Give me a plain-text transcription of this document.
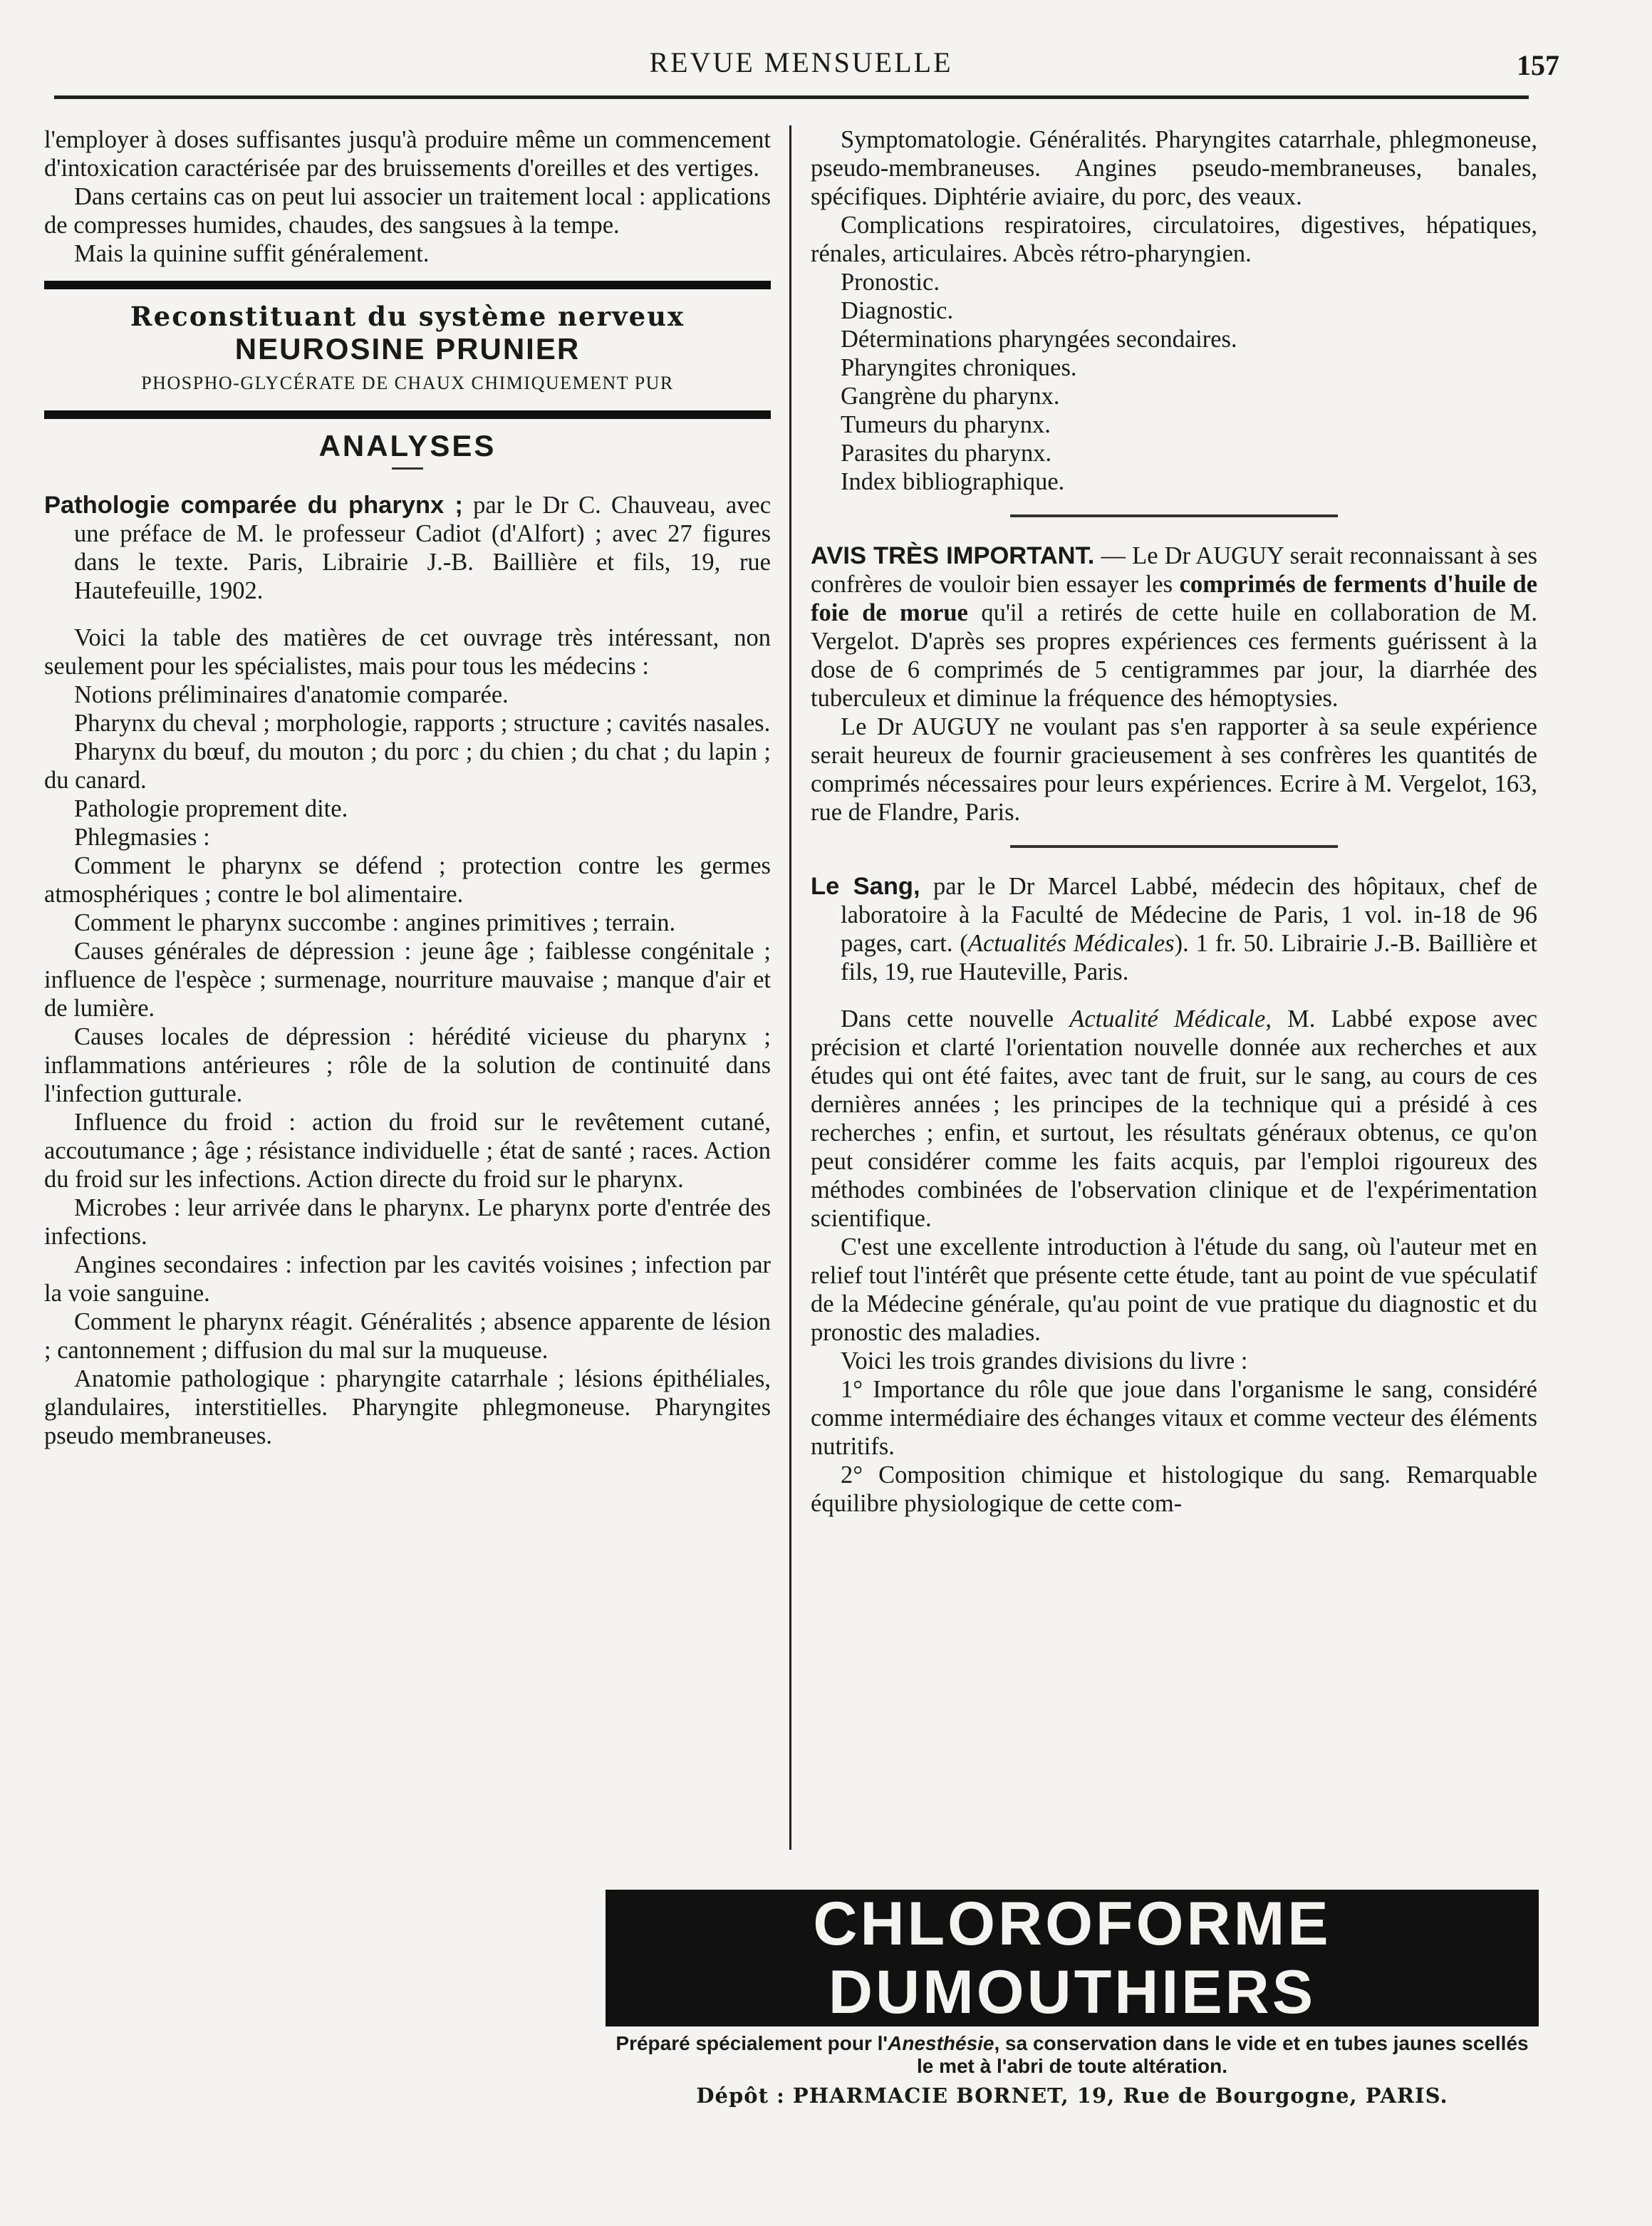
REVUE MENSUELLE	157

l'employer à doses suffisantes jusqu'à produire même un commencement d'intoxication caractérisée par des bruissements d'oreilles et des vertiges.

Dans certains cas on peut lui associer un traitement local : applications de compresses humides, chaudes, des sangsues à la tempe.

Mais la quinine suffit généralement.

Reconstituant du système nerveux
NEUROSINE PRUNIER
PHOSPHO-GLYCÉRATE DE CHAUX CHIMIQUEMENT PUR
ANALYSES

Pathologie comparée du pharynx ; par le Dr C. Chauveau, avec une préface de M. le professeur Cadiot (d'Alfort) ; avec 27 figures dans le texte. Paris, Librairie J.-B. Baillière et fils, 19, rue Hautefeuille, 1902.

Voici la table des matières de cet ouvrage très intéressant, non seulement pour les spécialistes, mais pour tous les médecins :

Notions préliminaires d'anatomie comparée.

Pharynx du cheval ; morphologie, rapports ; structure ; cavités nasales.

Pharynx du bœuf, du mouton ; du porc ; du chien ; du chat ; du lapin ; du canard.

Pathologie proprement dite.

Phlegmasies :

Comment le pharynx se défend ; protection contre les germes atmosphériques ; contre le bol alimentaire.

Comment le pharynx succombe : angines primitives ; terrain.

Causes générales de dépression : jeune âge ; faiblesse congénitale ; influence de l'espèce ; surmenage, nourriture mauvaise ; manque d'air et de lumière.

Causes locales de dépression : hérédité vicieuse du pharynx ; inflammations antérieures ; rôle de la solution de continuité dans l'infection gutturale.

Influence du froid : action du froid sur le revêtement cutané, accoutumance ; âge ; résistance individuelle ; état de santé ; races. Action du froid sur les infections. Action directe du froid sur le pharynx.

Microbes : leur arrivée dans le pharynx. Le pharynx porte d'entrée des infections.

Angines secondaires : infection par les cavités voisines ; infection par la voie sanguine.

Comment le pharynx réagit. Généralités ; absence apparente de lésion ; cantonnement ; diffusion du mal sur la muqueuse.

Anatomie pathologique : pharyngite catarrhale ; lésions épithéliales, glandulaires, interstitielles. Pharyngite phlegmoneuse. Pharyngites pseudo membraneuses.

Symptomatologie. Généralités. Pharyngites catarrhale, phlegmoneuse, pseudo-membraneuses. Angines pseudo-membraneuses, banales, spécifiques. Diphtérie aviaire, du porc, des veaux.

Complications respiratoires, circulatoires, digestives, hépatiques, rénales, articulaires. Abcès rétro-pharyngien.

Pronostic.

Diagnostic.

Déterminations pharyngées secondaires.

Pharyngites chroniques.

Gangrène du pharynx.

Tumeurs du pharynx.

Parasites du pharynx.

Index bibliographique.

AVIS TRÈS IMPORTANT. — Le Dr AUGUY serait reconnaissant à ses confrères de vouloir bien essayer les comprimés de ferments d'huile de foie de morue qu'il a retirés de cette huile en collaboration de M. Vergelot. D'après ses propres expériences ces ferments guérissent à la dose de 6 comprimés de 5 centigrammes par jour, la diarrhée des tuberculeux et diminue la fréquence des hémoptysies.

Le Dr AUGUY ne voulant pas s'en rapporter à sa seule expérience serait heureux de fournir gracieusement à ses confrères les quantités de comprimés nécessaires pour leurs expériences. Ecrire à M. Vergelot, 163, rue de Flandre, Paris.

Le Sang, par le Dr Marcel Labbé, médecin des hôpitaux, chef de laboratoire à la Faculté de Médecine de Paris, 1 vol. in-18 de 96 pages, cart. (Actualités Médicales). 1 fr. 50. Librairie J.-B. Baillière et fils, 19, rue Hauteville, Paris.

Dans cette nouvelle Actualité Médicale, M. Labbé expose avec précision et clarté l'orientation nouvelle donnée aux recherches et aux études qui ont été faites, avec tant de fruit, sur le sang, au cours de ces dernières années ; les principes de la technique qui a présidé à ces recherches ; enfin, et surtout, les résultats généraux obtenus, ce qu'on peut considérer comme les faits acquis, par l'emploi rigoureux des méthodes combinées de l'observation clinique et de l'expérimentation scientifique.

C'est une excellente introduction à l'étude du sang, où l'auteur met en relief tout l'intérêt que présente cette étude, tant au point de vue spéculatif de la Médecine générale, qu'au point de vue pratique du diagnostic et du pronostic des maladies.

Voici les trois grandes divisions du livre :

1° Importance du rôle que joue dans l'organisme le sang, considéré comme intermédiaire des échanges vitaux et comme vecteur des éléments nutritifs.

2° Composition chimique et histologique du sang. Remarquable équilibre physiologique de cette com-

CHLOROFORME DUMOUTHIERS
Préparé spécialement pour l'Anesthésie, sa conservation dans le vide et en tubes jaunes scellés le met à l'abri de toute altération.
Dépôt : PHARMACIE BORNET, 19, Rue de Bourgogne, PARIS.
